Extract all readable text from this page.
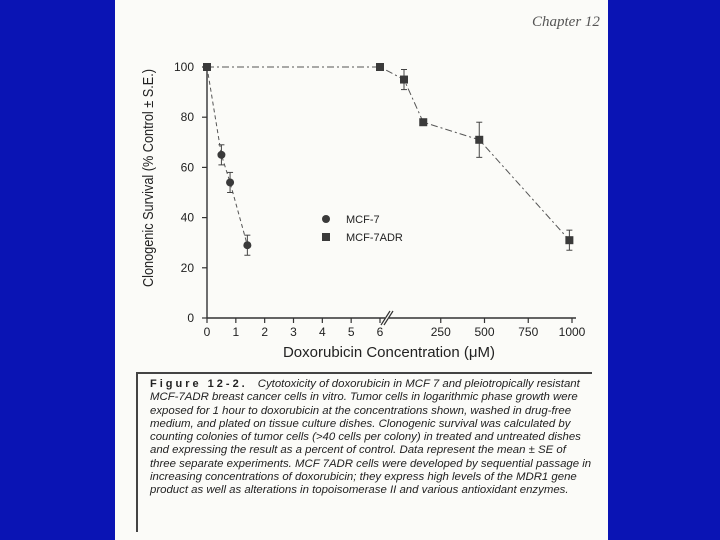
Chapter 12
0
20
40
60
80
100
0 1 2 3 4 5 6	250 500 750 1000
Doxorubicin Concentration (μM)
Clonogenic Survival (% Control ± S.E.)	MCF-7
MCF-7ADR
Figure 12-2. Cytotoxicity of doxorubicin in MCF 7 and pleiotropically resistant MCF-7ADR breast cancer cells in vitro. Tumor cells in logarithmic phase growth were exposed for 1 hour to doxorubicin at the concentrations shown, washed in drug-free medium, and plated on tissue culture dishes. Clonogenic survival was calculated by counting colonies of tumor cells (>40 cells per colony) in treated and untreated dishes and expressing the result as a percent of control. Data represent the mean ± SE of three separate experiments. MCF 7ADR cells were developed by sequential passage in increasing concentrations of doxorubicin; they express high levels of the MDR1 gene product as well as alterations in topoisomerase II and various antioxidant enzymes.
